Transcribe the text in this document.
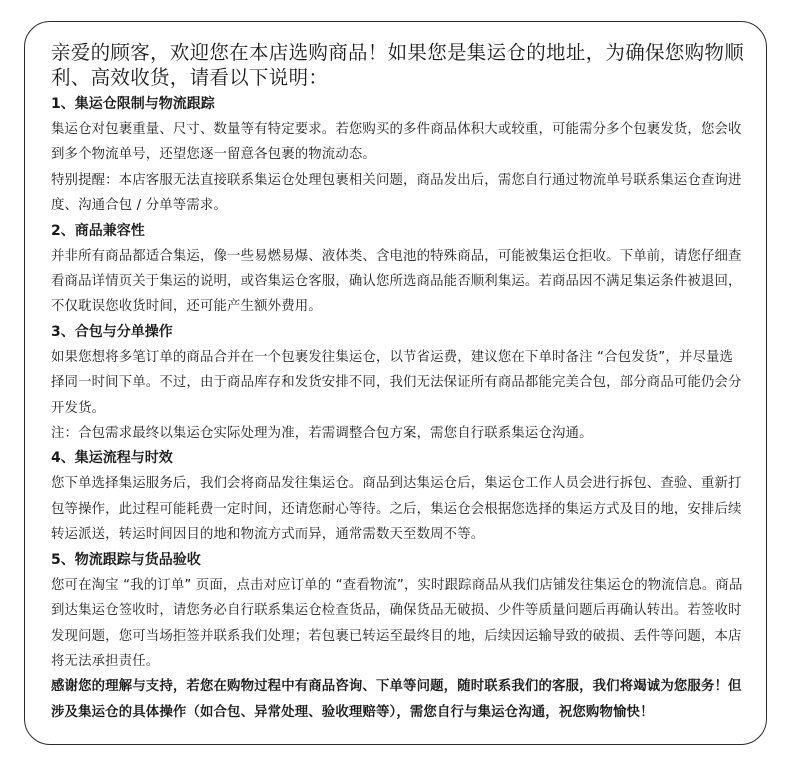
亲爱的顾客，欢迎您在本店选购商品！如果您是集运仓的地址，为确保您购物顺利、高效收货，请看以下说明：

1、集运仓限制与物流跟踪

集运仓对包裹重量、尺寸、数量等有特定要求。若您购买的多件商品体积大或较重，可能需分多个包裹发货，您会收到多个物流单号，还望您逐一留意各包裹的物流动态。

特别提醒：本店客服无法直接联系集运仓处理包裹相关问题，商品发出后，需您自行通过物流单号联系集运仓查询进度、沟通合包 / 分单等需求。

2、商品兼容性

并非所有商品都适合集运，像一些易燃易爆、液体类、含电池的特殊商品，可能被集运仓拒收。下单前，请您仔细查看商品详情页关于集运的说明，或咨集运仓客服，确认您所选商品能否顺利集运。若商品因不满足集运条件被退回，不仅耽误您收货时间，还可能产生额外费用。

3、合包与分单操作

如果您想将多笔订单的商品合并在一个包裹发往集运仓，以节省运费，建议您在下单时备注 “合包发货”，并尽量选择同一时间下单。不过，由于商品库存和发货安排不同，我们无法保证所有商品都能完美合包，部分商品可能仍会分开发货。

注：合包需求最终以集运仓实际处理为准，若需调整合包方案，需您自行联系集运仓沟通。

4、集运流程与时效

您下单选择集运服务后，我们会将商品发往集运仓。商品到达集运仓后，集运仓工作人员会进行拆包、查验、重新打包等操作，此过程可能耗费一定时间，还请您耐心等待。之后，集运仓会根据您选择的集运方式及目的地，安排后续转运派送，转运时间因目的地和物流方式而异，通常需数天至数周不等。

5、物流跟踪与货品验收

您可在淘宝 “我的订单” 页面，点击对应订单的 “查看物流”，实时跟踪商品从我们店铺发往集运仓的物流信息。商品到达集运仓签收时，请您务必自行联系集运仓检查货品，确保货品无破损、少件等质量问题后再确认转出。若签收时发现问题，您可当场拒签并联系我们处理；若包裹已转运至最终目的地，后续因运输导致的破损、丢件等问题，本店将无法承担责任。

感谢您的理解与支持，若您在购物过程中有商品咨询、下单等问题，随时联系我们的客服，我们将竭诚为您服务！但涉及集运仓的具体操作（如合包、异常处理、验收理赔等），需您自行与集运仓沟通，祝您购物愉快！
